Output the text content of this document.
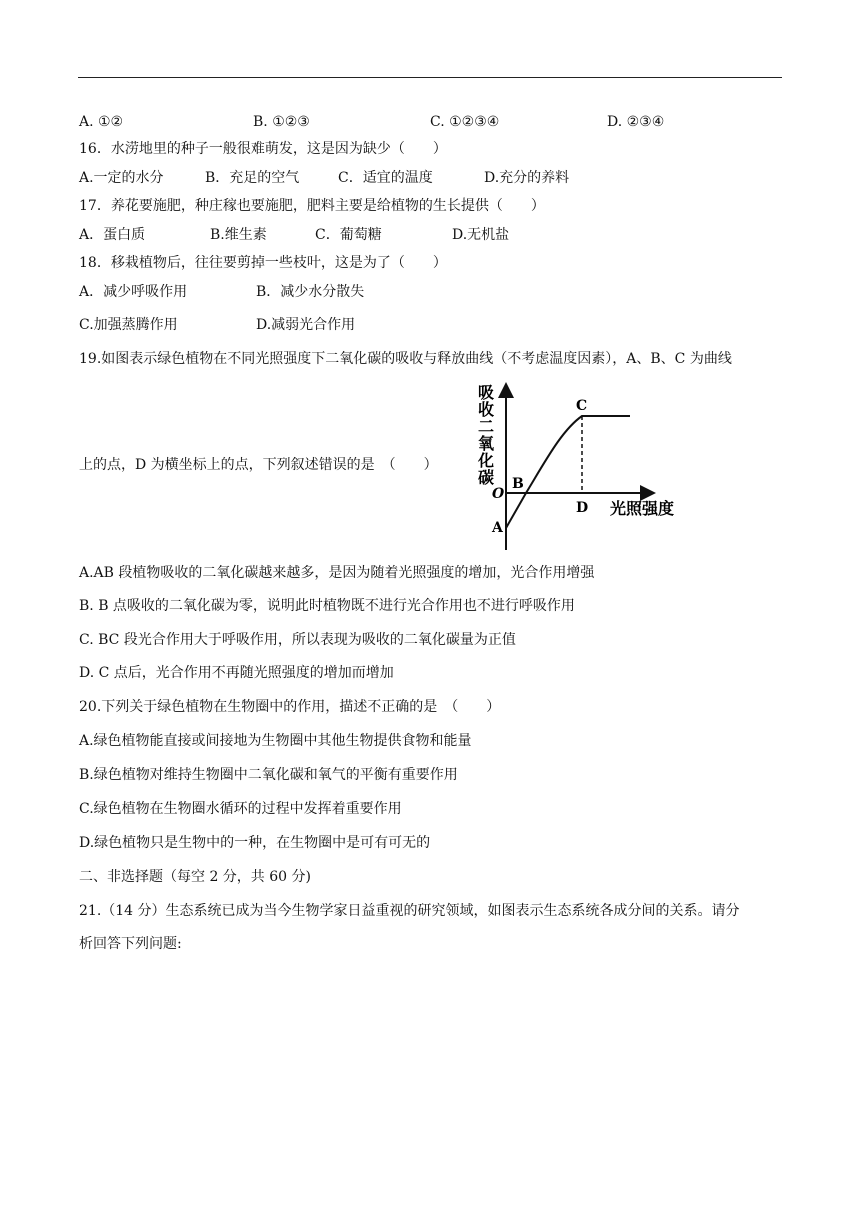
A. ①②	B. ①②③	C. ①②③④	D. ②③④
16．水涝地里的种子一般很难萌发，这是因为缺少（　　）
A.一定的水分	B．充足的空气	C．适宜的温度	D.充分的养料
17．养花要施肥，种庄稼也要施肥，肥料主要是给植物的生长提供（　　）
A．蛋白质	B.维生素	C．葡萄糖	D.无机盐
18．移栽植物后，往往要剪掉一些枝叶，这是为了（　　）
A．减少呼吸作用	B．减少水分散失
C.加强蒸腾作用	D.减弱光合作用
19.如图表示绿色植物在不同光照强度下二氧化碳的吸收与释放曲线（不考虑温度因素），A、B、C 为曲线
上的点，D 为横坐标上的点，下列叙述错误的是　（　　）
吸收二氧化碳
光照强度
O
A
B
C
D
A.AB 段植物吸收的二氧化碳越来越多，是因为随着光照强度的增加，光合作用增强
B. B 点吸收的二氧化碳为零，说明此时植物既不进行光合作用也不进行呼吸作用
C. BC 段光合作用大于呼吸作用，所以表现为吸收的二氧化碳量为正值
D. C 点后，光合作用不再随光照强度的增加而增加
20.下列关于绿色植物在生物圈中的作用，描述不正确的是　（　　）
A.绿色植物能直接或间接地为生物圈中其他生物提供食物和能量
B.绿色植物对维持生物圈中二氧化碳和氧气的平衡有重要作用
C.绿色植物在生物圈水循环的过程中发挥着重要作用
D.绿色植物只是生物中的一种，在生物圈中是可有可无的
二、非选择题（每空 2 分，共 60 分)
21.（14 分）生态系统已成为当今生物学家日益重视的研究领域，如图表示生态系统各成分间的关系。请分
析回答下列问题:
